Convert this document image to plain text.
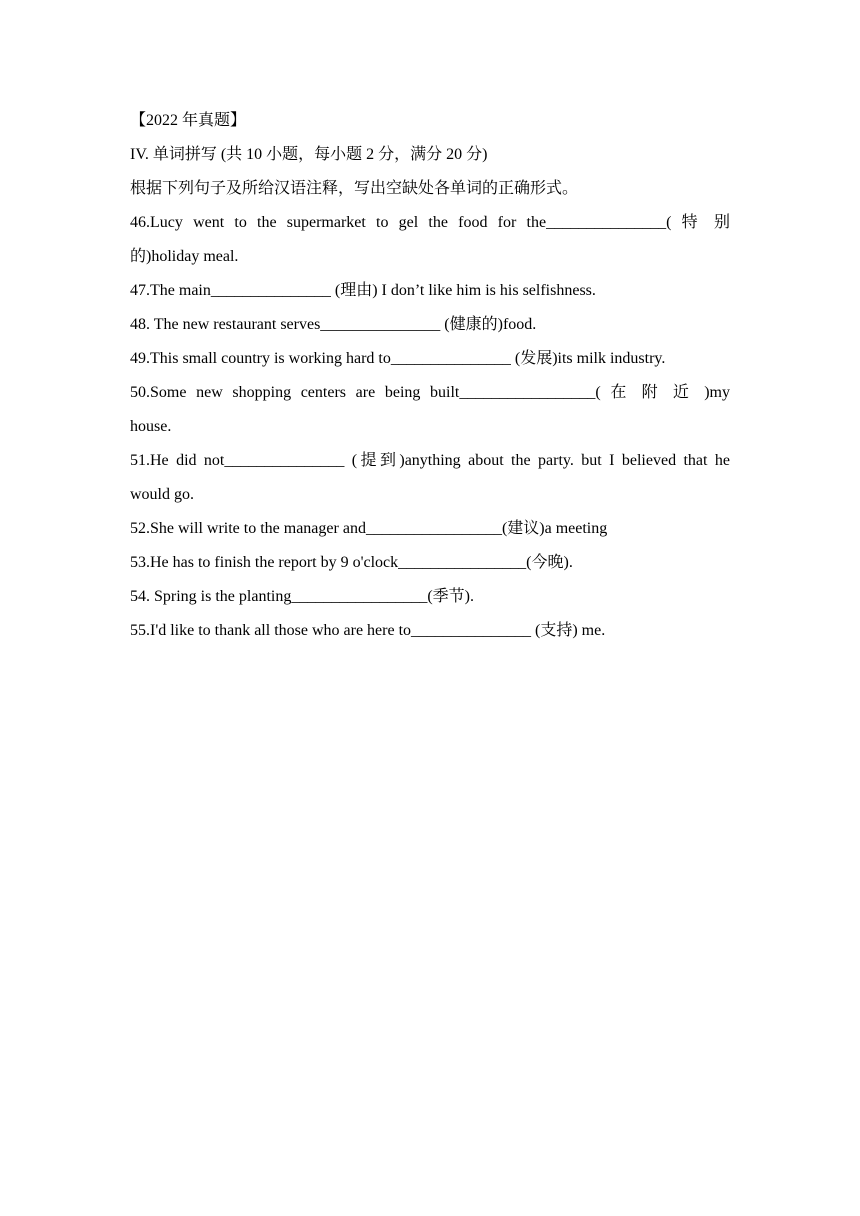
【2022 年真题】
IV. 单词拼写 (共 10 小题，每小题 2 分，满分 20 分)
根据下列句子及所给汉语注释，写出空缺处各单词的正确形式。
46.Lucy went to the supermarket to gel the food for the_______________( 特 别
的)holiday meal.
47.The main_______________ (理由) I don’t like him is his selfishness.
48. The new restaurant serves_______________ (健康的)food.
49.This small country is working hard to_______________ (发展)its milk industry.
50.Some new shopping centers are being built_________________( 在 附 近 )my
house.
51.He did not_______________ (提到)anything about the party. but I believed that he
would go.
52.She will write to the manager and_________________(建议)a meeting
53.He has to finish the report by 9 o'clock________________(今晚).
54. Spring is the planting_________________(季节).
55.I'd like to thank all those who are here to_______________ (支持) me.
